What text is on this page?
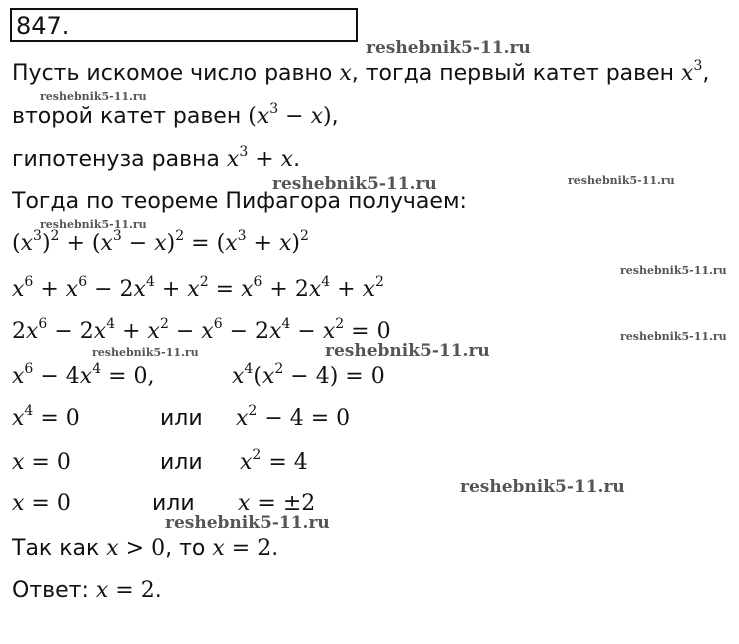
847.
reshebnik5-11.ru
reshebnik5-11.ru
reshebnik5-11.ru	reshebnik5-11.ru
reshebnik5-11.ru
reshebnik5-11.ru
reshebnik5-11.ru
reshebnik5-11.ru	reshebnik5-11.ru
reshebnik5-11.ru
reshebnik5-11.ru
Пусть искомое число равно x, тогда первый катет равен $x^3$,
второй катет равен $(x^3 - x)$,
гипотенуза равна $x^3 + x$.
Тогда по теореме Пифагора получаем:
$(x^3)^2 + (x^3 - x)^2 = (x^3 + x)^2$
$x^6 + x^6 - 2x^4 + x^2 = x^6 + 2x^4 + x^2$
$2x^6 - 2x^4 + x^2 - x^6 - 2x^4 - x^2 = 0$
$x^6 - 4x^4 = 0$,	$x^4(x^2 - 4) = 0$
$x^4 = 0$	или $x^2 - 4 = 0$
x = 0	или $x^2 = 4$
x = 0	или x = ±2
Так как x > 0, то x = 2.
Ответ: x = 2.
